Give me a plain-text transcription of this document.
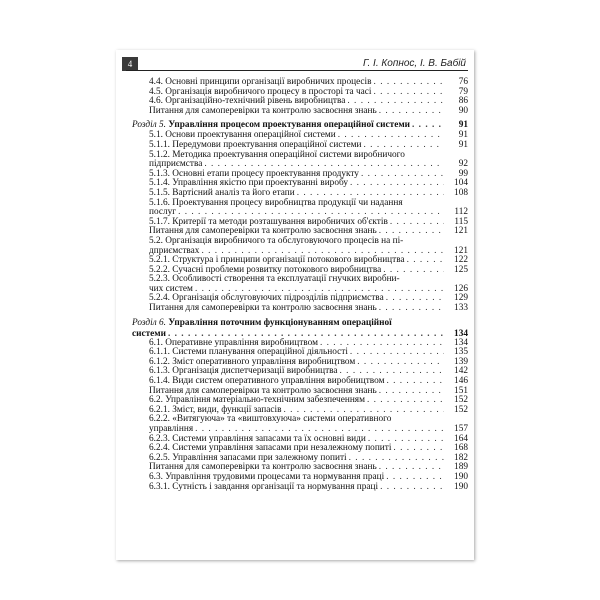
4	Г. І. Копнос, І. В. Бабій
4.4. Основні принципи організації виробничих процесів . . .	76
4.5. Організація виробничого процесу в просторі та часі . . .	79
4.6. Організаційно-технічний рівень виробництва . . .	86
Питання для самоперевірки та контролю засвоєння знань . . .	90
Розділ 5. Управління процесом проектування операційної системи . . .	91
5.1. Основи проектування операційної системи . . .	91
5.1.1. Передумови проектування операційної системи . . .	91
5.1.2. Методика проектування операційної системи виробничого
підприємства . . .	92
5.1.3. Основні етапи процесу проектування продукту . . .	99
5.1.4. Управління якістю при проектуванні виробу . . .	104
5.1.5. Вартісний аналіз та його етапи . . .	108
5.1.6. Проектування процесу виробництва продукції чи надання
послуг . . .	112
5.1.7. Критерії та методи розташування виробничих об'єктів . . .	115
Питання для самоперевірки та контролю засвоєння знань . . .	121
5.2. Організація виробничого та обслуговуючого процесів на пі-
дприємствах . . .	121
5.2.1. Структура і принципи організації потокового виробництва . . .	122
5.2.2. Сучасні проблеми розвитку потокового виробництва . . .	125
5.2.3. Особливості створення та експлуатації гнучких виробни-
чих систем . . .	126
5.2.4. Організація обслуговуючих підрозділів підприємства . . .	129
Питання для самоперевірки та контролю засвоєння знань . . .	133
Розділ 6. Управління поточним функціонуванням операційної
системи . . .	134
6.1. Оперативне управління виробництвом . . .	134
6.1.1. Системи планування операційної діяльності . . .	135
6.1.2. Зміст оперативного управління виробництвом . . .	139
6.1.3. Організація диспетчеризації виробництва . . .	142
6.1.4. Види систем оперативного управління виробництвом . . .	146
Питання для самоперевірки та контролю засвоєння знань . . .	151
6.2. Управління матеріально-технічним забезпеченням . . .	152
6.2.1. Зміст, види, функції запасів . . .	152
6.2.2. «Витягуюча» та «виштовхуюча» системи оперативного
управління . . .	157
6.2.3. Системи управління запасами та їх основні види . . .	164
6.2.4. Системи управління запасами при незалежному попиті . . .	168
6.2.5. Управління запасами при залежному попиті . . .	182
Питання для самоперевірки та контролю засвоєння знань . . .	189
6.3. Управління трудовими процесами та нормування праці . . .	190
6.3.1. Сутність і завдання організації та нормування праці . . .	190
